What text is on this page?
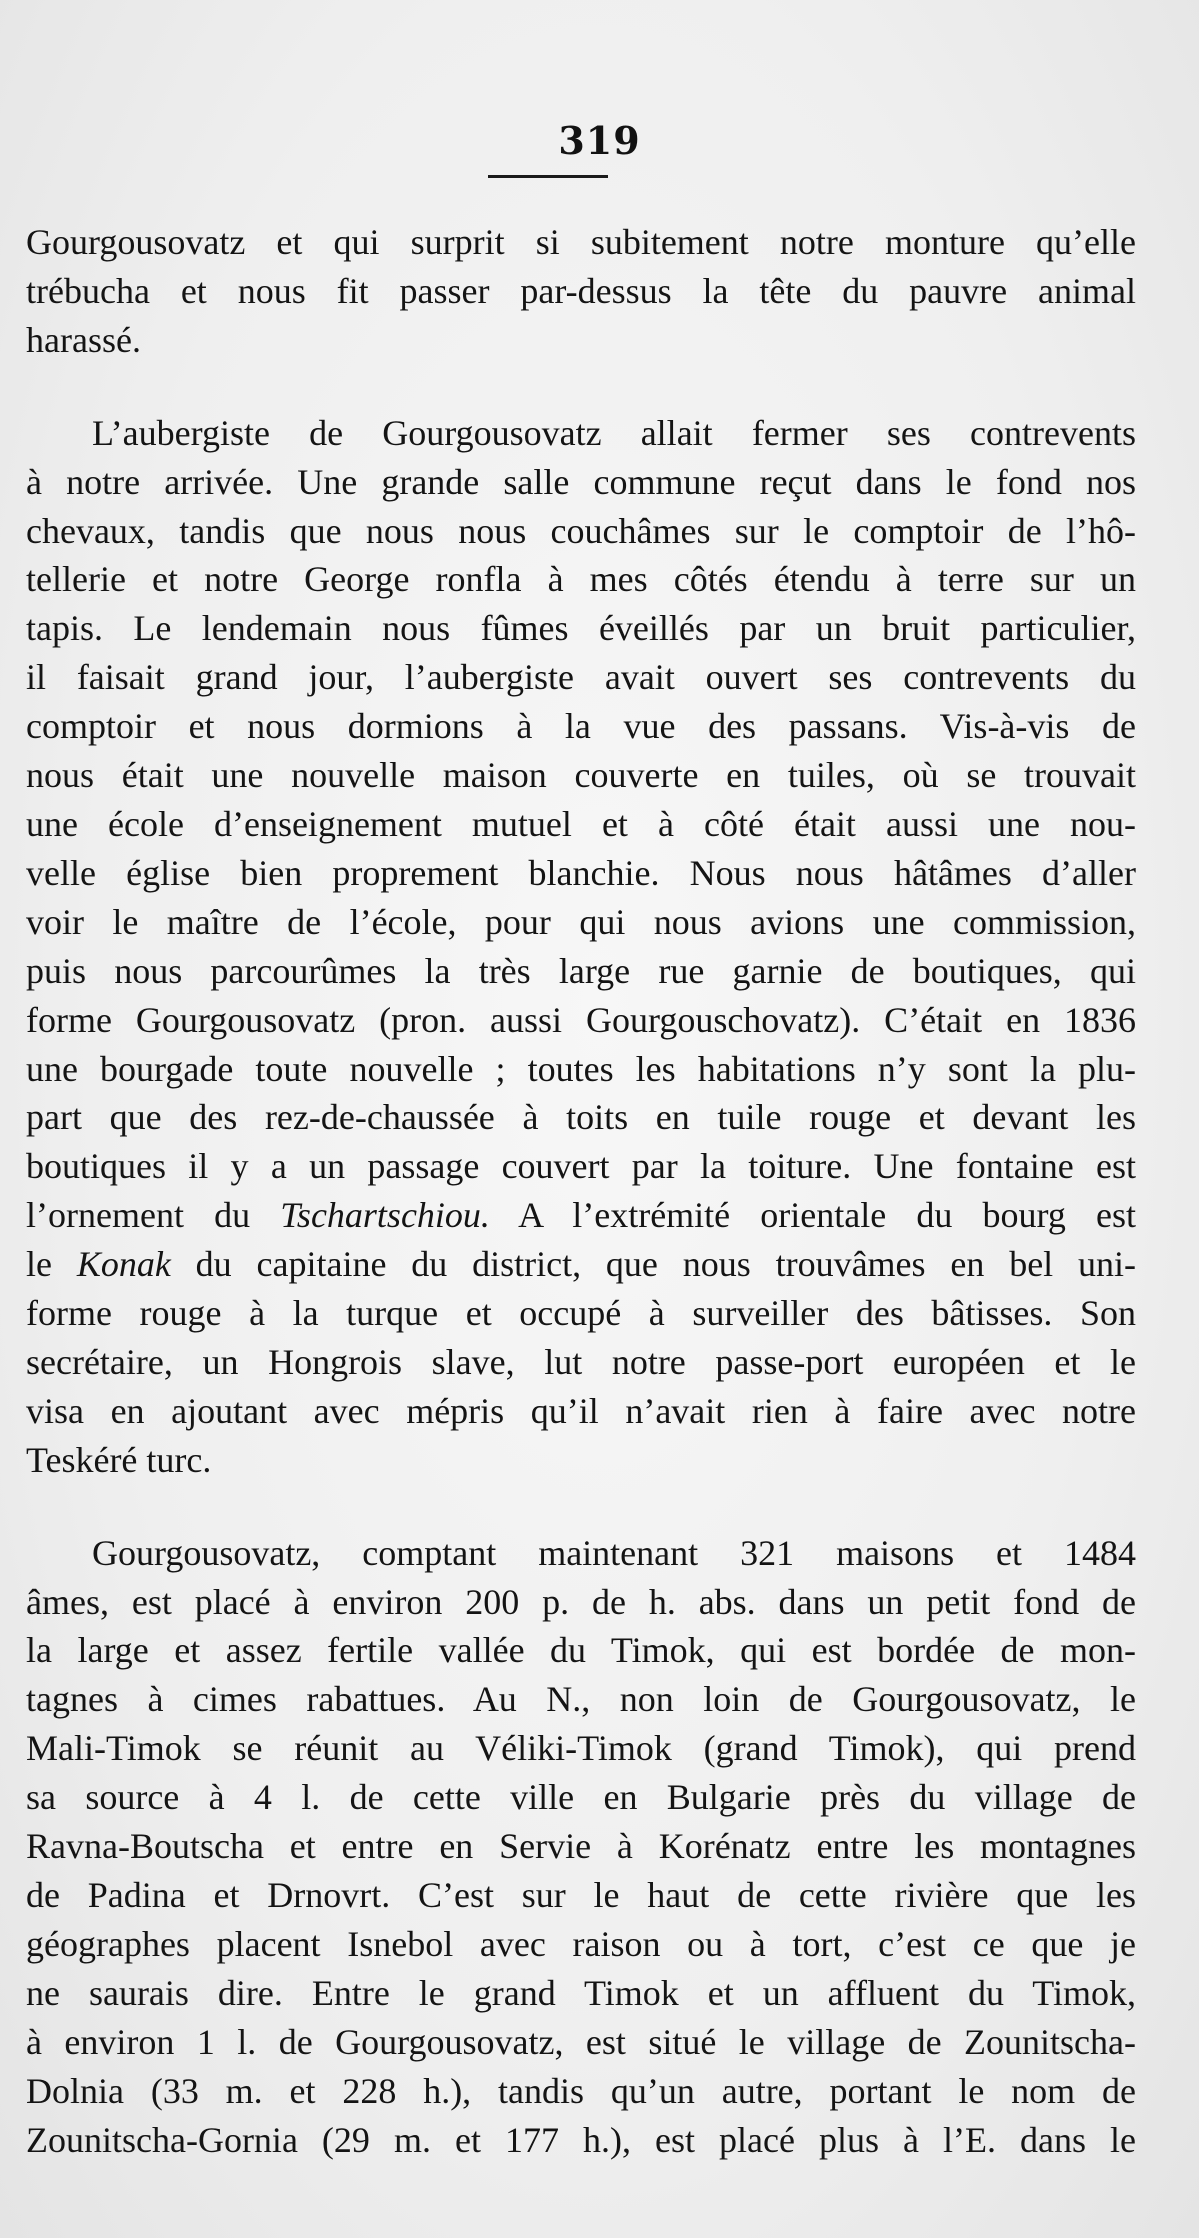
319
Gourgousovatz et qui surprit si subitement notre monture qu’elle
trébucha et nous fit passer par-dessus la tête du pauvre animal
harassé.
L’aubergiste de Gourgousovatz allait fermer ses contrevents
à notre arrivée. Une grande salle commune reçut dans le fond nos
chevaux, tandis que nous nous couchâmes sur le comptoir de l’hô-
tellerie et notre George ronfla à mes côtés étendu à terre sur un
tapis. Le lendemain nous fûmes éveillés par un bruit particulier,
il faisait grand jour, l’aubergiste avait ouvert ses contrevents du
comptoir et nous dormions à la vue des passans. Vis-à-vis de
nous était une nouvelle maison couverte en tuiles, où se trouvait
une école d’enseignement mutuel et à côté était aussi une nou-
velle église bien proprement blanchie. Nous nous hâtâmes d’aller
voir le maître de l’école, pour qui nous avions une commission,
puis nous parcourûmes la très large rue garnie de boutiques, qui
forme Gourgousovatz (pron. aussi Gourgouschovatz). C’était en 1836
une bourgade toute nouvelle ; toutes les habitations n’y sont la plu-
part que des rez-de-chaussée à toits en tuile rouge et devant les
boutiques il y a un passage couvert par la toiture. Une fontaine est
l’ornement du Tschartschiou. A l’extrémité orientale du bourg est
le Konak du capitaine du district, que nous trouvâmes en bel uni-
forme rouge à la turque et occupé à surveiller des bâtisses. Son
secrétaire, un Hongrois slave, lut notre passe-port européen et le
visa en ajoutant avec mépris qu’il n’avait rien à faire avec notre
Teskéré turc.
Gourgousovatz, comptant maintenant 321 maisons et 1484
âmes, est placé à environ 200 p. de h. abs. dans un petit fond de
la large et assez fertile vallée du Timok, qui est bordée de mon-
tagnes à cimes rabattues. Au N., non loin de Gourgousovatz, le
Mali-Timok se réunit au Véliki-Timok (grand Timok), qui prend
sa source à 4 l. de cette ville en Bulgarie près du village de
Ravna-Boutscha et entre en Servie à Korénatz entre les montagnes
de Padina et Drnovrt. C’est sur le haut de cette rivière que les
géographes placent Isnebol avec raison ou à tort, c’est ce que je
ne saurais dire. Entre le grand Timok et un affluent du Timok,
à environ 1 l. de Gourgousovatz, est situé le village de Zounitscha-
Dolnia (33 m. et 228 h.), tandis qu’un autre, portant le nom de
Zounitscha-Gornia (29 m. et 177 h.), est placé plus à l’E. dans le
